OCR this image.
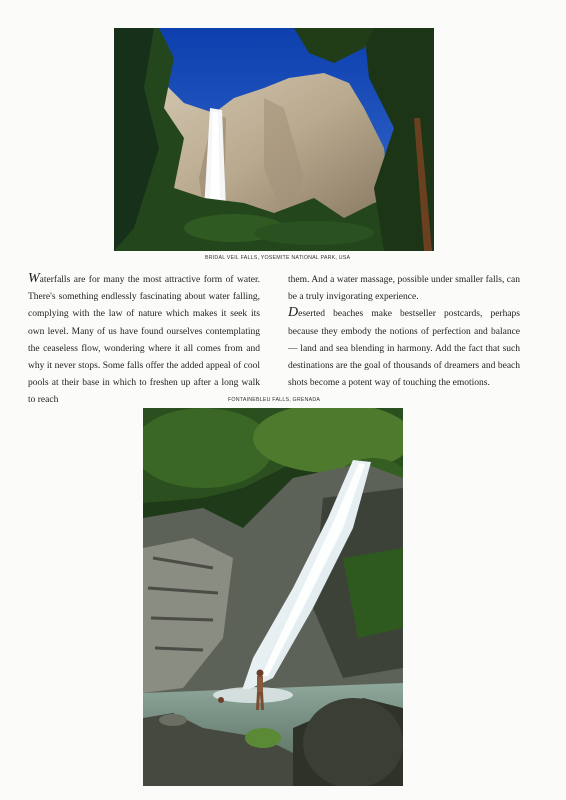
BRIDAL VEIL FALLS, YOSEMITE NATIONAL PARK, USA

Waterfalls are for many the most attractive form of water. There's something endlessly fascinating about water falling, complying with the law of nature which makes it seek its own level. Many of us have found ourselves contemplating the ceaseless flow, wondering where it all comes from and why it never stops. Some falls offer the added appeal of cool pools at their base in which to freshen up after a long walk to reach

them. And a water massage, possible under smaller falls, can be a truly invigorating experience.

Deserted beaches make bestseller postcards, perhaps because they embody the notions of perfection and balance — land and sea blending in harmony. Add the fact that such destinations are the goal of thousands of dreamers and beach shots become a potent way of touching the emotions.

FONTAINEBLEU FALLS, GRENADA
